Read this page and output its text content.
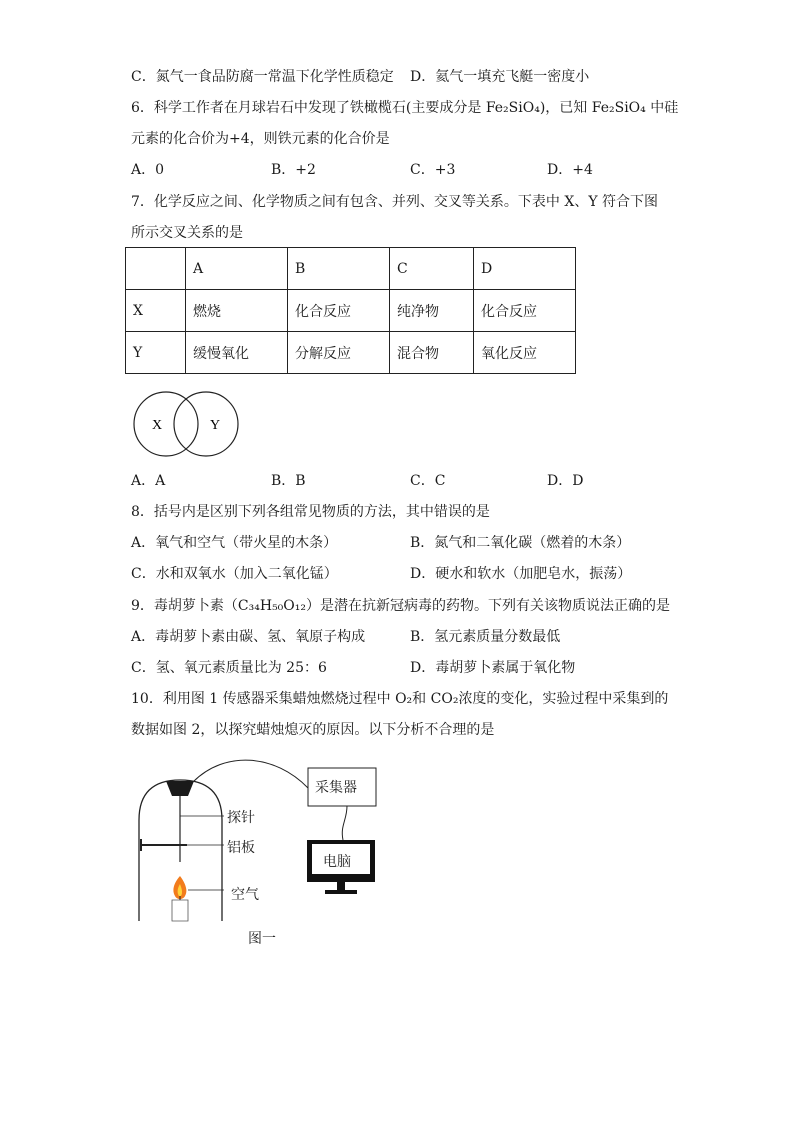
C．氮气一食品防腐一常温下化学性质稳定 D．氦气一填充飞艇一密度小
6．科学工作者在月球岩石中发现了铁橄榄石(主要成分是 Fe₂SiO₄)，已知 Fe₂SiO₄ 中硅
元素的化合价为+4，则铁元素的化合价是
A．0	B．+2	C．+3	D．+4
7．化学反应之间、化学物质之间有包含、并列、交叉等关系。下表中 X、Y 符合下图
所示交叉关系的是
	A	B	C	D
X	燃烧	化合反应	纯净物	化合反应
Y	缓慢氧化	分解反应	混合物	氧化反应
X	Y
A．A	B．B	C．C	D．D
8．括号内是区别下列各组常见物质的方法，其中错误的是
A．氧气和空气（带火星的木条）	B．氮气和二氧化碳（燃着的木条）
C．水和双氧水（加入二氧化锰）	D．硬水和软水（加肥皂水，振荡）
9．毒胡萝卜素（C₃₄H₅₀O₁₂）是潜在抗新冠病毒的药物。下列有关该物质说法正确的是
A．毒胡萝卜素由碳、氢、氧原子构成	B．氢元素质量分数最低
C．氢、氧元素质量比为 25：6	D．毒胡萝卜素属于氧化物
10．利用图 1 传感器采集蜡烛燃烧过程中 O₂和 CO₂浓度的变化，实验过程中采集到的
数据如图 2，以探究蜡烛熄灭的原因。以下分析不合理的是
采集器
电脑
探针
铝板
空气
图一
